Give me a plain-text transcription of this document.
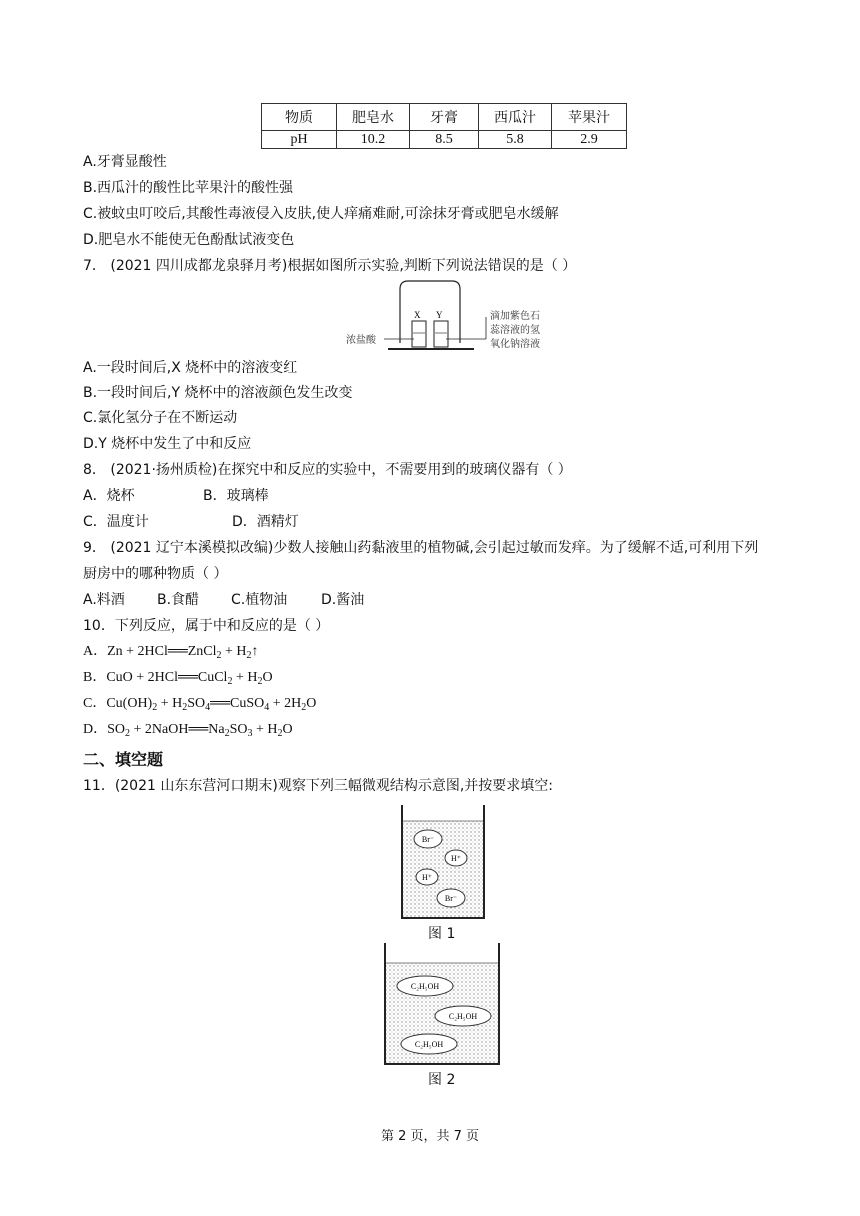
物质	肥皂水	牙膏	西瓜汁	苹果汁
pH	10.2	8.5	5.8	2.9
A.牙膏显酸性
B.西瓜汁的酸性比苹果汁的酸性强
C.被蚊虫叮咬后,其酸性毒液侵入皮肤,使人痒痛难耐,可涂抹牙膏或肥皂水缓解
D.肥皂水不能使无色酚酞试液变色
7． (2021 四川成都龙泉驿月考)根据如图所示实验,判断下列说法错误的是（ ）
X Y
浓盐酸
滴加紫色石
蕊溶液的氢
氧化钠溶液
A.一段时间后,X 烧杯中的溶液变红
B.一段时间后,Y 烧杯中的溶液颜色发生改变
C.氯化氢分子在不断运动
D.Y 烧杯中发生了中和反应
8． (2021·扬州质检)在探究中和反应的实验中，不需要用到的玻璃仪器有（ ）
A．烧杯	B．玻璃棒
C．温度计	D．酒精灯
9． (2021 辽宁本溪模拟改编)少数人接触山药黏液里的植物碱,会引起过敏而发痒。为了缓解不适,可利用下列
厨房中的哪种物质（ ）
A.料酒 B.食醋 C.植物油 D.酱油
10．下列反应，属于中和反应的是（ ）
A．Zn + 2HCl══ZnCl$_2$ + $H_2↑$
B．CuO + 2HCl══CuCl$_2$ + $H_2O$
C．$Cu(OH)_2$ + $H_2SO_4══CuSO_4 + 2H_2O$
D．$SO_2$ + $2NaOH══Na_2SO_3 + H_2O$
二、填空题
11．(2021 山东东营河口期末)观察下列三幅微观结构示意图,并按要求填空:
Br⁻
H⁺
H⁺
Br⁻
图 1
C₂H₅OH
C₂H₅OH
C₂H₅OH
图 2
第 2 页，共 7 页
